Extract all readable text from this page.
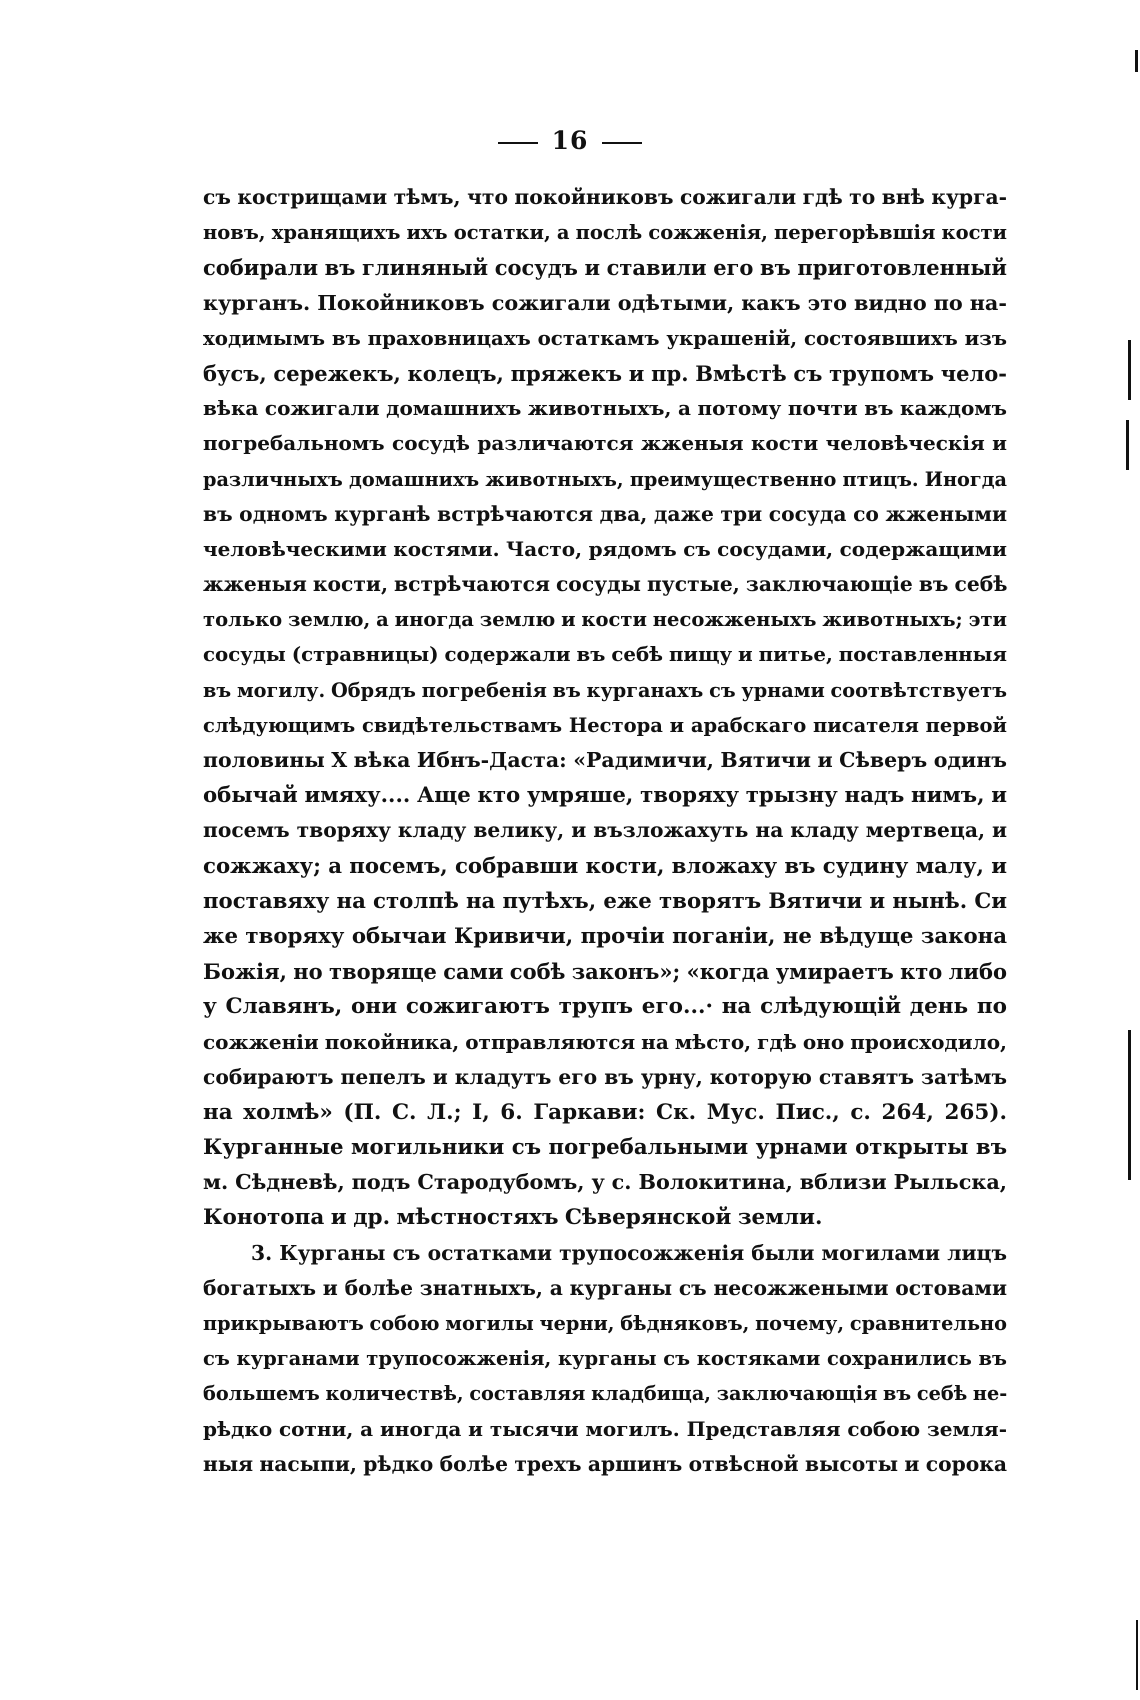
16
съ кострищами тѣмъ, что покойниковъ сожигали гдѣ то внѣ курга-
новъ, хранящихъ ихъ остатки, а послѣ сожженія, перегорѣвшія кости
собирали въ глиняный сосудъ и ставили его въ приготовленный
курганъ. Покойниковъ сожигали одѣтыми, какъ это видно по на-
ходимымъ въ праховницахъ остаткамъ украшеній, состоявшихъ изъ
бусъ, сережекъ, колецъ, пряжекъ и пр. Вмѣстѣ съ трупомъ чело-
вѣка сожигали домашнихъ животныхъ, а потому почти въ каждомъ
погребальномъ сосудѣ различаются жженыя кости человѣческія и
различныхъ домашнихъ животныхъ, преимущественно птицъ. Иногда
въ одномъ курганѣ встрѣчаются два, даже три сосуда со жжеными
человѣческими костями. Часто, рядомъ съ сосудами, содержащими
жженыя кости, встрѣчаются сосуды пустые, заключающіе въ себѣ
только землю, а иногда землю и кости несожженыхъ животныхъ; эти
сосуды (стравницы) содержали въ себѣ пищу и питье, поставленныя
въ могилу. Обрядъ погребенія въ курганахъ съ урнами соотвѣтствуетъ
слѣдующимъ свидѣтельствамъ Нестора и арабскаго писателя первой
половины X вѣка Ибнъ-Даста: «Радимичи, Вятичи и Сѣверъ одинъ
обычай имяху.... Аще кто умряше, творяху трызну надъ нимъ, и
посемъ творяху кладу велику, и възложахуть на кладу мертвеца, и
сожжаху; а посемъ, собравши кости, вложаху въ судину малу, и
поставяху на столпѣ на путѣхъ, еже творятъ Вятичи и нынѣ. Си
же творяху обычаи Кривичи, прочіи поганіи, не вѣдуще закона
Божія, но творяще сами собѣ законъ»; «когда умираетъ кто либо
у Славянъ, они сожигаютъ трупъ его...· на слѣдующій день по
сожженіи покойника, отправляются на мѣсто, гдѣ оно происходило,
собираютъ пепелъ и кладутъ его въ урну, которую ставятъ затѣмъ
на холмѣ» (П. С. Л.; I, 6. Гаркави: Ск. Мус. Пис., с. 264, 265).
Курганные могильники съ погребальными урнами открыты въ
м. Сѣдневѣ, подъ Стародубомъ, у с. Волокитина, вблизи Рыльска,
Конотопа и др. мѣстностяхъ Сѣверянской земли.
3. Курганы съ остатками трупосожженія были могилами лицъ
богатыхъ и болѣе знатныхъ, а курганы съ несожжеными остовами
прикрываютъ собою могилы черни, бѣдняковъ, почему, сравнительно
съ курганами трупосожженія, курганы съ костяками сохранились въ
большемъ количествѣ, составляя кладбища, заключающія въ себѣ не-
рѣдко сотни, а иногда и тысячи могилъ. Представляя собою земля-
ныя насыпи, рѣдко болѣе трехъ аршинъ отвѣсной высоты и сорока
